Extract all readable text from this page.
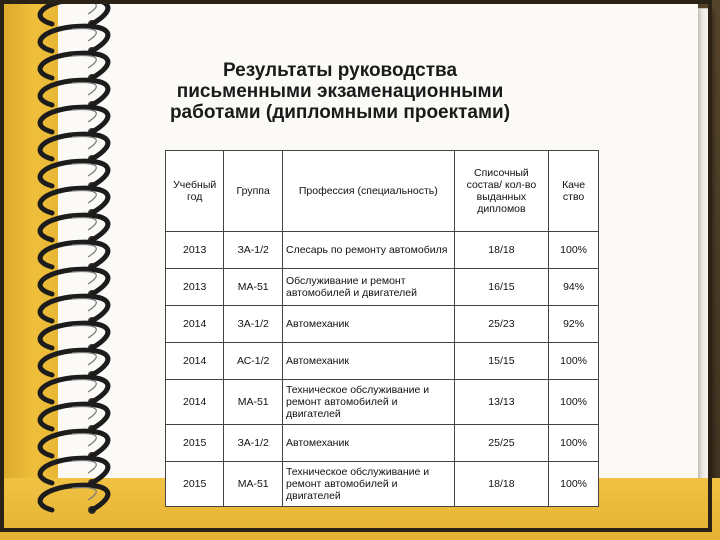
Результаты руководства
письменными экзаменационными
работами (дипломными проектами)
Учебный год	Группа	Профессия (специальность)	Списочный состав/ кол-во выданных дипломов	Каче ство
2013	ЗА-1/2	Слесарь по ремонту автомобиля	18/18	100%
2013	МА-51	Обслуживание и ремонт автомобилей и двигателей	16/15	94%
2014	ЗА-1/2	Автомеханик	25/23	92%
2014	АС-1/2	Автомеханик	15/15	100%
2014	МА-51	Техническое обслуживание и ремонт автомобилей и двигателей	13/13	100%
2015	ЗА-1/2	Автомеханик	25/25	100%
2015	МА-51	Техническое обслуживание и ремонт автомобилей и двигателей	18/18	100%
